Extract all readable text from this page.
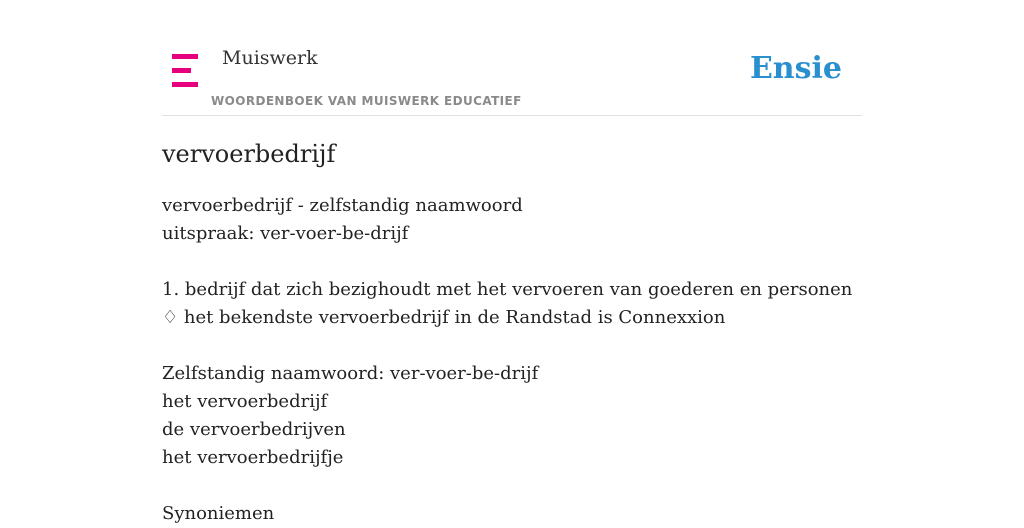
Muiswerk
WOORDENBOEK VAN MUISWERK EDUCATIEF
Ensie
vervoerbedrijf
vervoerbedrijf - zelfstandig naamwoord
uitspraak: ver-voer-be-drijf
1. bedrijf dat zich bezighoudt met het vervoeren van goederen en personen
♢ het bekendste vervoerbedrijf in de Randstad is Connexxion
Zelfstandig naamwoord: ver-voer-be-drijf
het vervoerbedrijf
de vervoerbedrijven
het vervoerbedrijfje
Synoniemen
